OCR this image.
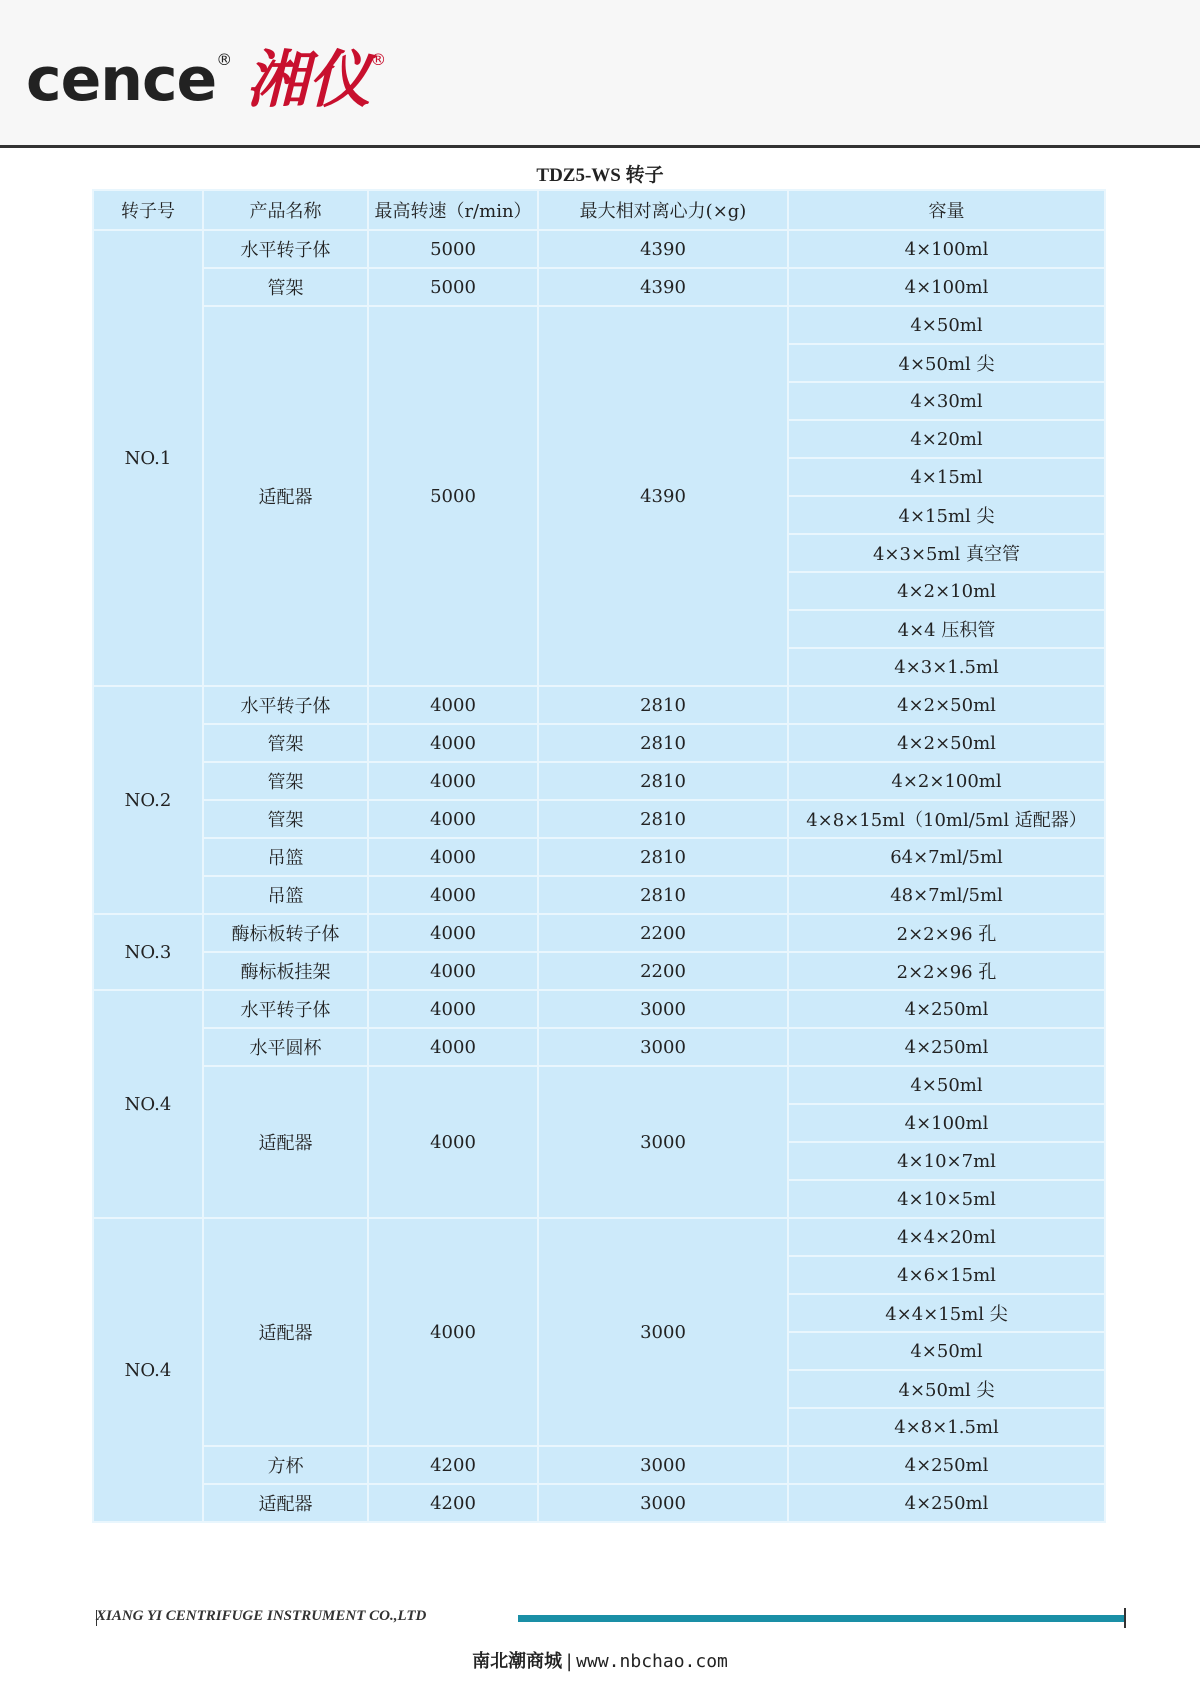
cence ® 湘仪 ®
TDZ5-WS 转子
转子号	产品名称	最高转速（r/min）	最大相对离心力(×g)	容量
NO.1	水平转子体	5000	4390	4×100ml
	管架	5000	4390	4×100ml
	适配器	5000	4390	4×50ml
				4×50ml 尖
				4×30ml
				4×20ml
				4×15ml
				4×15ml 尖
				4×3×5ml 真空管
				4×2×10ml
				4×4 压积管
				4×3×1.5ml
NO.2	水平转子体	4000	2810	4×2×50ml
	管架	4000	2810	4×2×50ml
	管架	4000	2810	4×2×100ml
	管架	4000	2810	4×8×15ml（10ml/5ml 适配器）
	吊篮	4000	2810	64×7ml/5ml
	吊篮	4000	2810	48×7ml/5ml
NO.3	酶标板转子体	4000	2200	2×2×96 孔
	酶标板挂架	4000	2200	2×2×96 孔
NO.4	水平转子体	4000	3000	4×250ml
	水平圆杯	4000	3000	4×250ml
	适配器	4000	3000	4×50ml
				4×100ml
				4×10×7ml
				4×10×5ml
NO.4	适配器	4000	3000	4×4×20ml
				4×6×15ml
				4×4×15ml 尖
				4×50ml
				4×50ml 尖
				4×8×1.5ml
	方杯	4200	3000	4×250ml
	适配器	4200	3000	4×250ml
XIANG YI CENTRIFUGE INSTRUMENT CO.,LTD
南北潮商城 | www.nbchao.com
